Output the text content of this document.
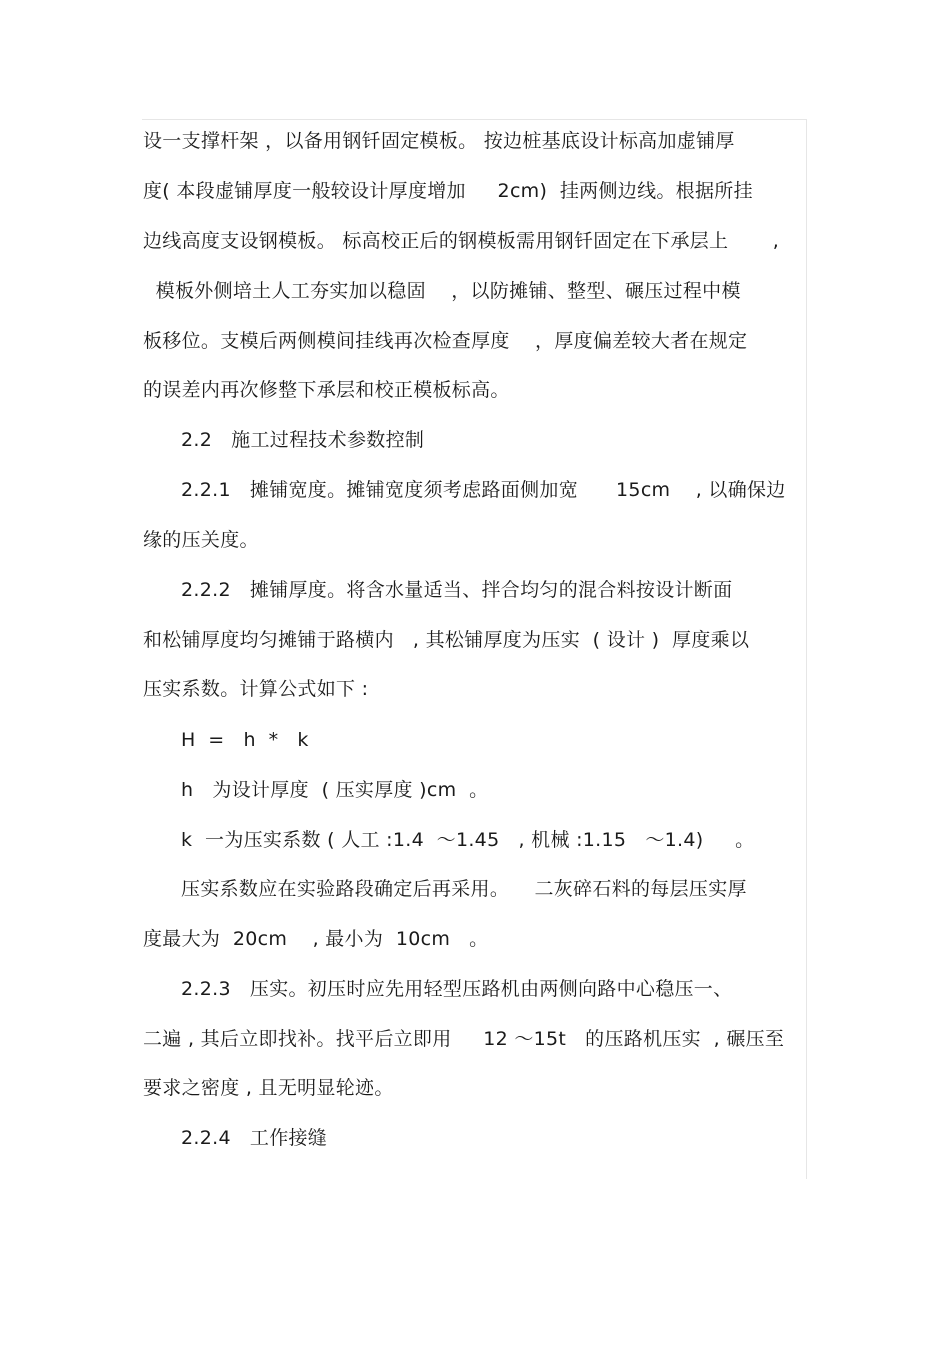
设一支撑杆架 ，以备用钢钎固定模板。 按边桩基底设计标高加虚铺厚
度( 本段虚铺厚度一般较设计厚度增加     2cm)  挂两侧边线。根据所挂
边线高度支设钢模板。 标高校正后的钢模板需用钢钎固定在下承层上       ,
模板外侧培土人工夯实加以稳固    ，以防摊铺、整型、碾压过程中模
板移位。支模后两侧模间挂线再次检查厚度    ，厚度偏差较大者在规定
的误差内再次修整下承层和校正模板标高。
2.2   施工过程技术参数控制
2.2.1   摊铺宽度。摊铺宽度须考虑路面侧加宽      15cm    , 以确保边
缘的压关度。
2.2.2   摊铺厚度。将含水量适当、拌合均匀的混合料按设计断面
和松铺厚度均匀摊铺于路横内   , 其松铺厚度为压实  ( 设计 )  厚度乘以
压实系数。计算公式如下 :
H  =   h  *   k
h   为设计厚度  ( 压实厚度 )cm  。
k  一为压实系数 ( 人工 :1.4  ～1.45   , 机械 :1.15   ～1.4)     。
压实系数应在实验路段确定后再采用。    二灰碎石料的每层压实厚
度最大为  20cm    , 最小为  10cm   。
2.2.3   压实。初压时应先用轻型压路机由两侧向路中心稳压一、
二遍 , 其后立即找补。找平后立即用     12 ～15t   的压路机压实  , 碾压至
要求之密度 , 且无明显轮迹。
2.2.4   工作接缝
